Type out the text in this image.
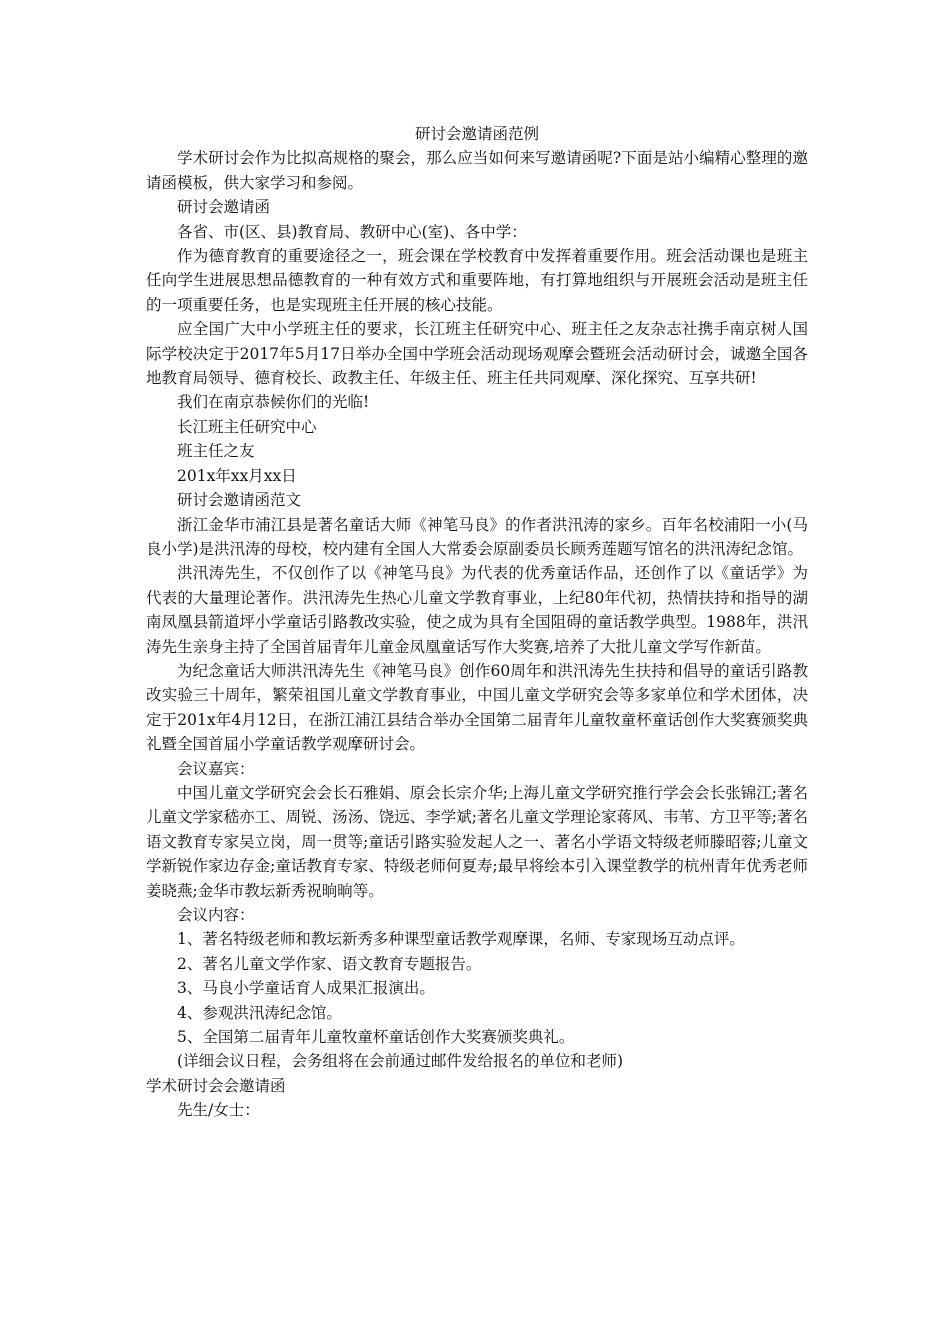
研讨会邀请函范例

学术研讨会作为比拟高规格的聚会，那么应当如何来写邀请函呢?下面是站小编精心整理的邀请函模板，供大家学习和参阅。

研讨会邀请函

各省、市(区、县)教育局、教研中心(室)、各中学：

作为德育教育的重要途径之一，班会课在学校教育中发挥着重要作用。班会活动课也是班主任向学生进展思想品德教育的一种有效方式和重要阵地，有打算地组织与开展班会活动是班主任的一项重要任务，也是实现班主任开展的核心技能。

应全国广大中小学班主任的要求，长江班主任研究中心、班主任之友杂志社携手南京树人国际学校决定于2017年5月17日举办全国中学班会活动现场观摩会暨班会活动研讨会，诚邀全国各地教育局领导、德育校长、政教主任、年级主任、班主任共同观摩、深化探究、互享共研!

我们在南京恭候你们的光临!

长江班主任研究中心

班主任之友

201x年xx月xx日

研讨会邀请函范文

浙江金华市浦江县是著名童话大师《神笔马良》的作者洪汛涛的家乡。百年名校浦阳一小(马良小学)是洪汛涛的母校，校内建有全国人大常委会原副委员长顾秀莲题写馆名的洪汛涛纪念馆。

洪汛涛先生，不仅创作了以《神笔马良》为代表的优秀童话作品，还创作了以《童话学》为代表的大量理论著作。洪汛涛先生热心儿童文学教育事业，上纪80年代初，热情扶持和指导的湖南凤凰县箭道坪小学童话引路教改实验，使之成为具有全国阻碍的童话教学典型。1988年，洪汛涛先生亲身主持了全国首届青年儿童金凤凰童话写作大奖赛,培养了大批儿童文学写作新苗。

为纪念童话大师洪汛涛先生《神笔马良》创作60周年和洪汛涛先生扶持和倡导的童话引路教改实验三十周年，繁荣祖国儿童文学教育事业，中国儿童文学研究会等多家单位和学术团体，决定于201x年4月12日，在浙江浦江县结合举办全国第二届青年儿童牧童杯童话创作大奖赛颁奖典礼暨全国首届小学童话教学观摩研讨会。

会议嘉宾：

中国儿童文学研究会会长石雅娟、原会长宗介华;上海儿童文学研究推行学会会长张锦江;著名儿童文学家嵇亦工、周锐、汤汤、饶远、李学斌;著名儿童文学理论家蒋风、韦苇、方卫平等;著名语文教育专家吴立岗，周一贯等;童话引路实验发起人之一、著名小学语文特级老师滕昭蓉;儿童文学新锐作家边存金;童话教育专家、特级老师何夏寿;最早将绘本引入课堂教学的杭州青年优秀老师姜晓燕;金华市教坛新秀祝晌晌等。

会议内容：

1、著名特级老师和教坛新秀多种课型童话教学观摩课，名师、专家现场互动点评。

2、著名儿童文学作家、语文教育专题报告。

3、马良小学童话育人成果汇报演出。

4、参观洪汛涛纪念馆。

5、全国第二届青年儿童牧童杯童话创作大奖赛颁奖典礼。

(详细会议日程，会务组将在会前通过邮件发给报名的单位和老师)

学术研讨会会邀请函

先生/女士：
